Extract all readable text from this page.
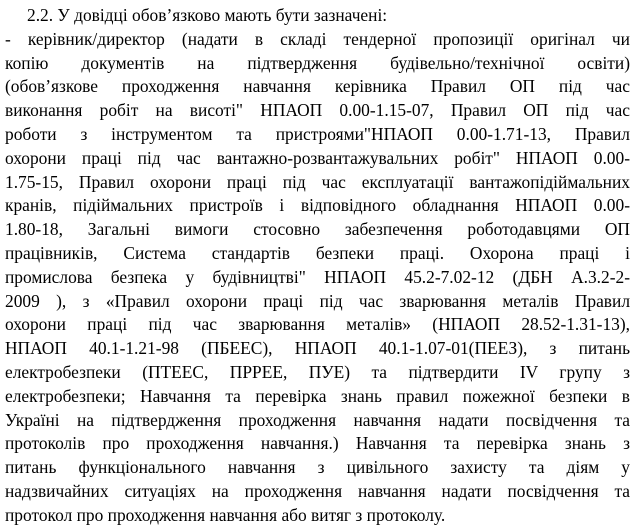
2.2. У довідці обов’язково мають бути зазначені:
- керівник/директор (надати в складі тендерної пропозиції оригінал чи
копію документів на підтвердження будівельно/технічної освіти)
(обов’язкове проходження навчання керівника Правил ОП під час
виконання робіт на висоті" НПАОП 0.00-1.15-07, Правил ОП під час
роботи з інструментом та пристроями"НПАОП 0.00-1.71-13, Правил
охорони праці під час вантажно-розвантажувальних робіт" НПАОП 0.00-
1.75-15, Правил охорони праці під час експлуатації вантажопідіймальних
кранів, підіймальних пристроїв і відповідного обладнання НПАОП 0.00-
1.80-18, Загальні вимоги стосовно забезпечення роботодавцями ОП
працівників, Система стандартів безпеки праці. Охорона праці і
промислова безпека у будівництві" НПАОП 45.2-7.02-12 (ДБН А.3.2-2-
2009 ), з «Правил охорони праці під час зварювання металів Правил
охорони праці під час зварювання металів» (НПАОП 28.52-1.31-13),
НПАОП 40.1-1.21-98 (ПБЕЕС), НПАОП 40.1-1.07-01(ПЕЕЗ), з питань
електробезпеки (ПТЕЕС, ПРРЕЕ, ПУЕ) та підтвердити IV групу з
електробезпеки; Навчання та перевірка знань правил пожежної безпеки в
Україні на підтвердження проходження навчання надати посвідчення та
протоколів про проходження навчання.) Навчання та перевірка знань з
питань функціонального навчання з цивільного захисту та діям у
надзвичайних ситуаціях на проходження навчання надати посвідчення та
протокол про проходження навчання або витяг з протоколу.
